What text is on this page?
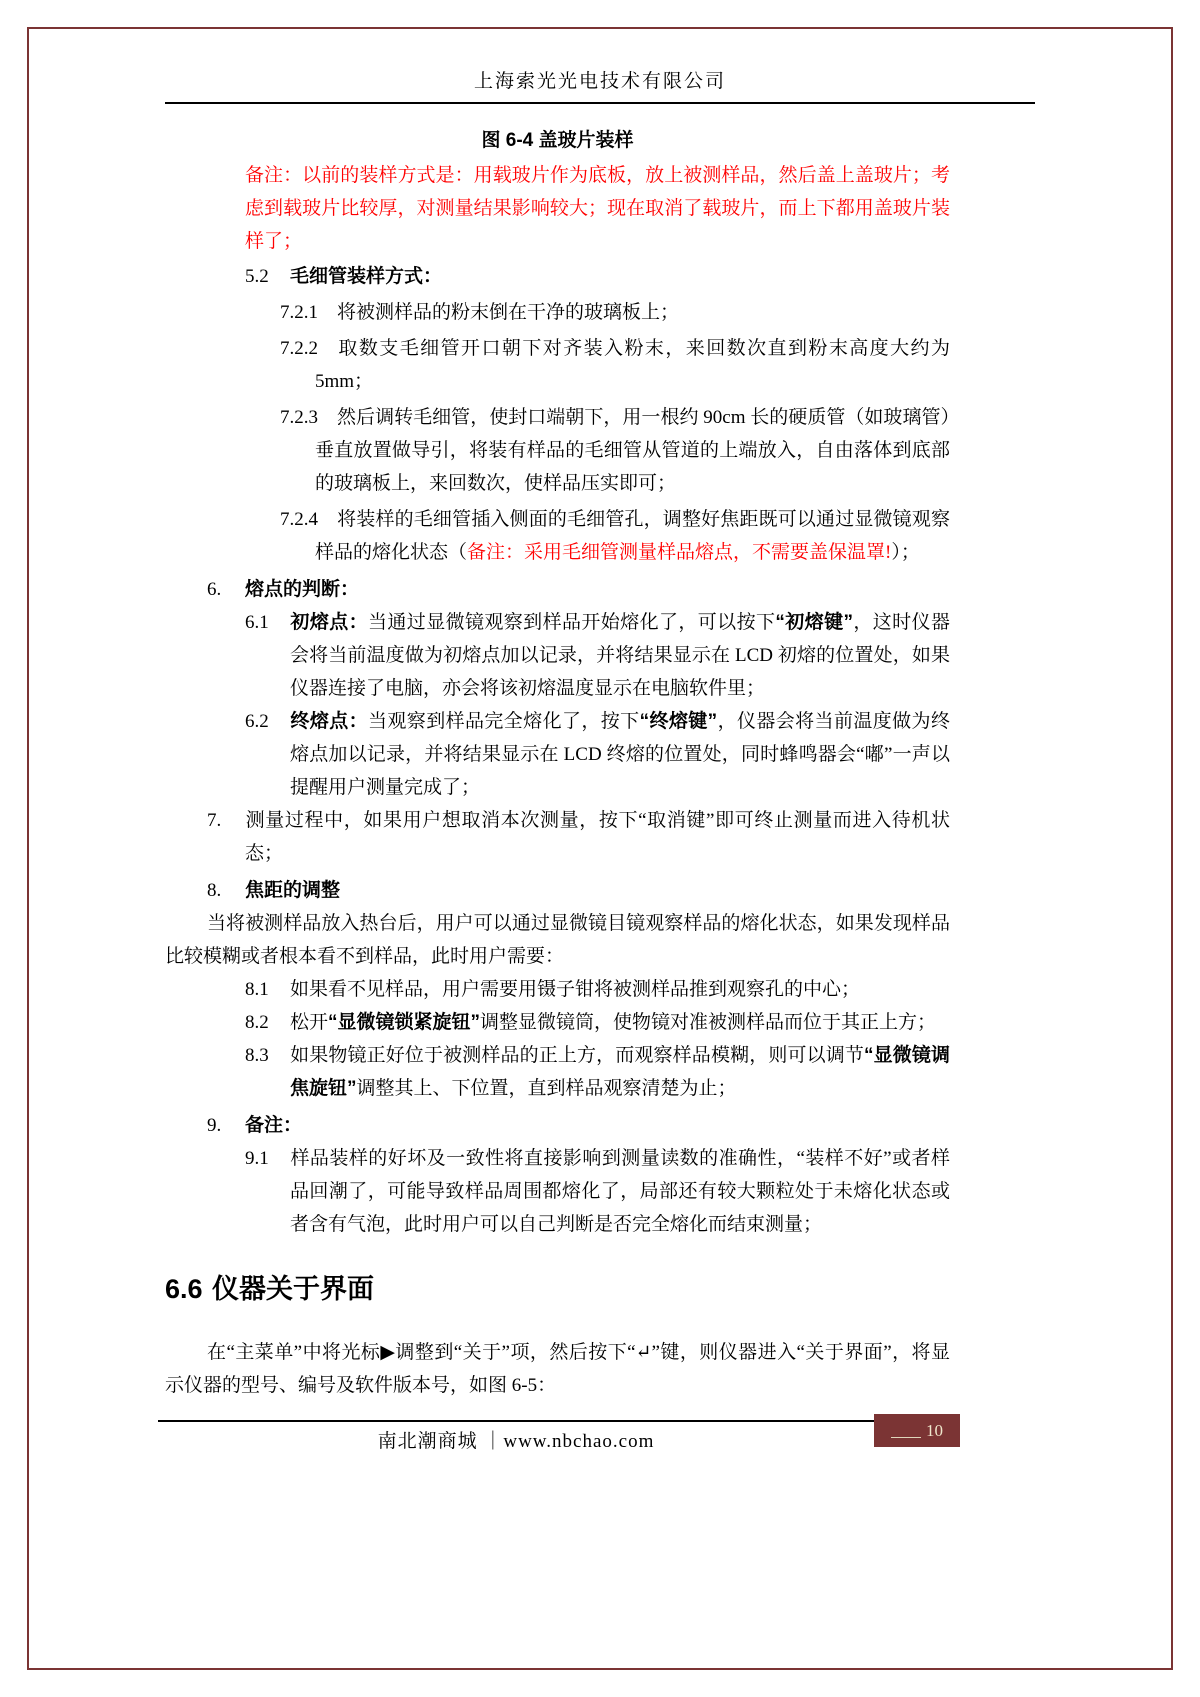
上海索光光电技术有限公司
图 6-4 盖玻片装样
备注：以前的装样方式是：用载玻片作为底板，放上被测样品，然后盖上盖玻片；考虑到载玻片比较厚，对测量结果影响较大；现在取消了载玻片，而上下都用盖玻片装样了；
5.2 毛细管装样方式：
7.2.1 将被测样品的粉末倒在干净的玻璃板上；
7.2.2 取数支毛细管开口朝下对齐装入粉末，来回数次直到粉末高度大约为 5mm；
7.2.3 然后调转毛细管，使封口端朝下，用一根约 90cm 长的硬质管（如玻璃管）垂直放置做导引，将装有样品的毛细管从管道的上端放入，自由落体到底部的玻璃板上，来回数次，使样品压实即可；
7.2.4 将装样的毛细管插入侧面的毛细管孔，调整好焦距既可以通过显微镜观察样品的熔化状态（备注：采用毛细管测量样品熔点，不需要盖保温罩!）；
6. 熔点的判断：
6.1 初熔点：当通过显微镜观察到样品开始熔化了，可以按下“初熔键”，这时仪器会将当前温度做为初熔点加以记录，并将结果显示在 LCD 初熔的位置处，如果仪器连接了电脑，亦会将该初熔温度显示在电脑软件里；
6.2 终熔点：当观察到样品完全熔化了，按下“终熔键”，仪器会将当前温度做为终熔点加以记录，并将结果显示在 LCD 终熔的位置处，同时蜂鸣器会“嘟”一声以提醒用户测量完成了；
7. 测量过程中，如果用户想取消本次测量，按下“取消键”即可终止测量而进入待机状态；
8. 焦距的调整
当将被测样品放入热台后，用户可以通过显微镜目镜观察样品的熔化状态，如果发现样品比较模糊或者根本看不到样品，此时用户需要：
8.1 如果看不见样品，用户需要用镊子钳将被测样品推到观察孔的中心；
8.2 松开“显微镜锁紧旋钮”调整显微镜筒，使物镜对准被测样品而位于其正上方；
8.3 如果物镜正好位于被测样品的正上方，而观察样品模糊，则可以调节“显微镜调焦旋钮”调整其上、下位置，直到样品观察清楚为止；
9. 备注：
9.1 样品装样的好坏及一致性将直接影响到测量读数的准确性，“装样不好”或者样品回潮了，可能导致样品周围都熔化了，局部还有较大颗粒处于未熔化状态或者含有气泡，此时用户可以自己判断是否完全熔化而结束测量；
6.6 仪器关于界面
在“主菜单”中将光标▶调整到“关于”项，然后按下“↵”键，则仪器进入“关于界面”，将显示仪器的型号、编号及软件版本号，如图 6-5：
南北潮商城 ｜www.nbchao.com
10
